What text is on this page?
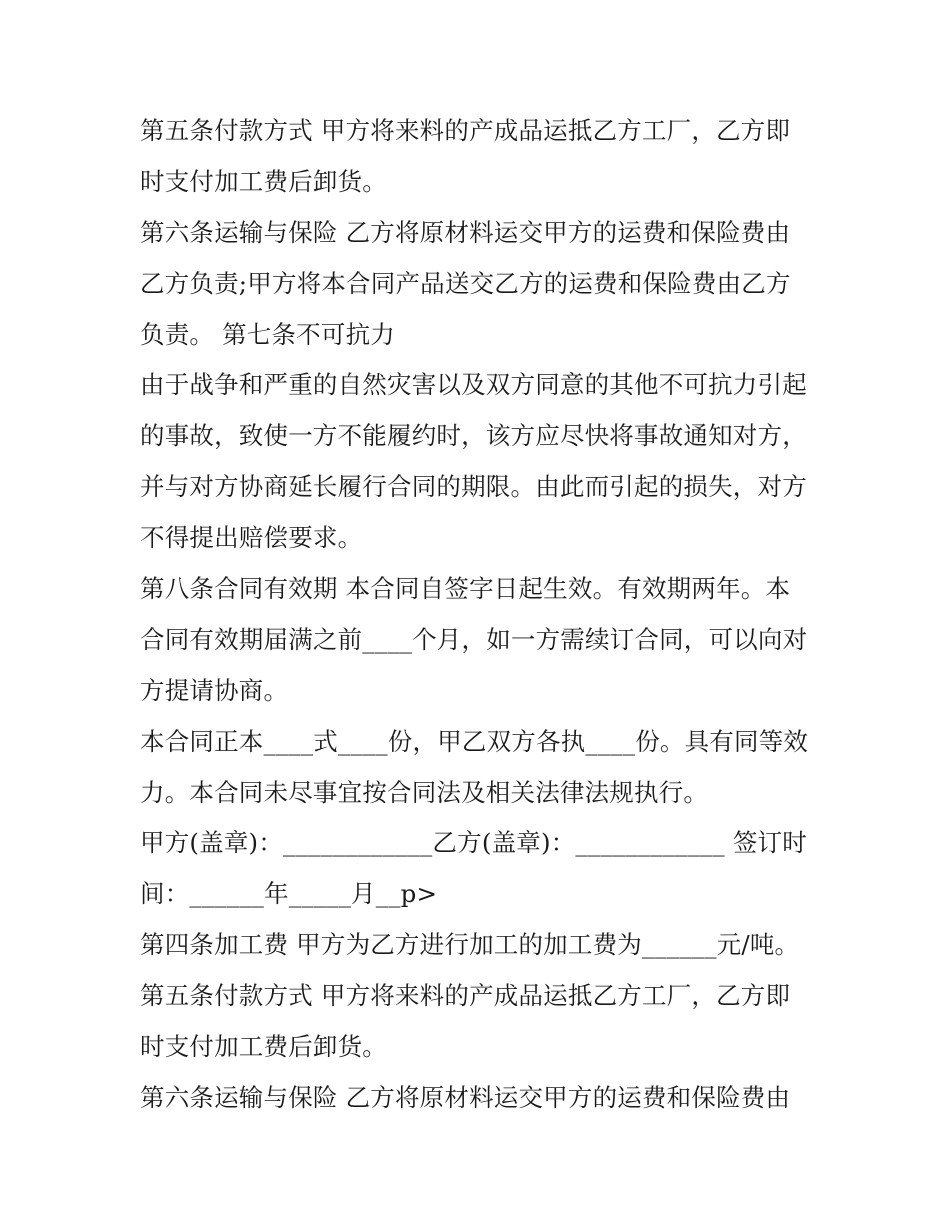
第五条付款方式 甲方将来料的产成品运抵乙方工厂，乙方即
时支付加工费后卸货。
第六条运输与保险 乙方将原材料运交甲方的运费和保险费由
乙方负责;甲方将本合同产品送交乙方的运费和保险费由乙方
负责。 第七条不可抗力
由于战争和严重的自然灾害以及双方同意的其他不可抗力引起
的事故，致使一方不能履约时，该方应尽快将事故通知对方，
并与对方协商延长履行合同的期限。由此而引起的损失，对方
不得提出赔偿要求。
第八条合同有效期 本合同自签字日起生效。有效期两年。本
合同有效期届满之前____个月，如一方需续订合同，可以向对
方提请协商。
本合同正本____式____份，甲乙双方各执____份。具有同等效
力。本合同未尽事宜按合同法及相关法律法规执行。
甲方(盖章)：____________乙方(盖章)：____________ 签订时
间：______年_____月__p>
第四条加工费 甲方为乙方进行加工的加工费为______元/吨。
第五条付款方式 甲方将来料的产成品运抵乙方工厂，乙方即
时支付加工费后卸货。
第六条运输与保险 乙方将原材料运交甲方的运费和保险费由
